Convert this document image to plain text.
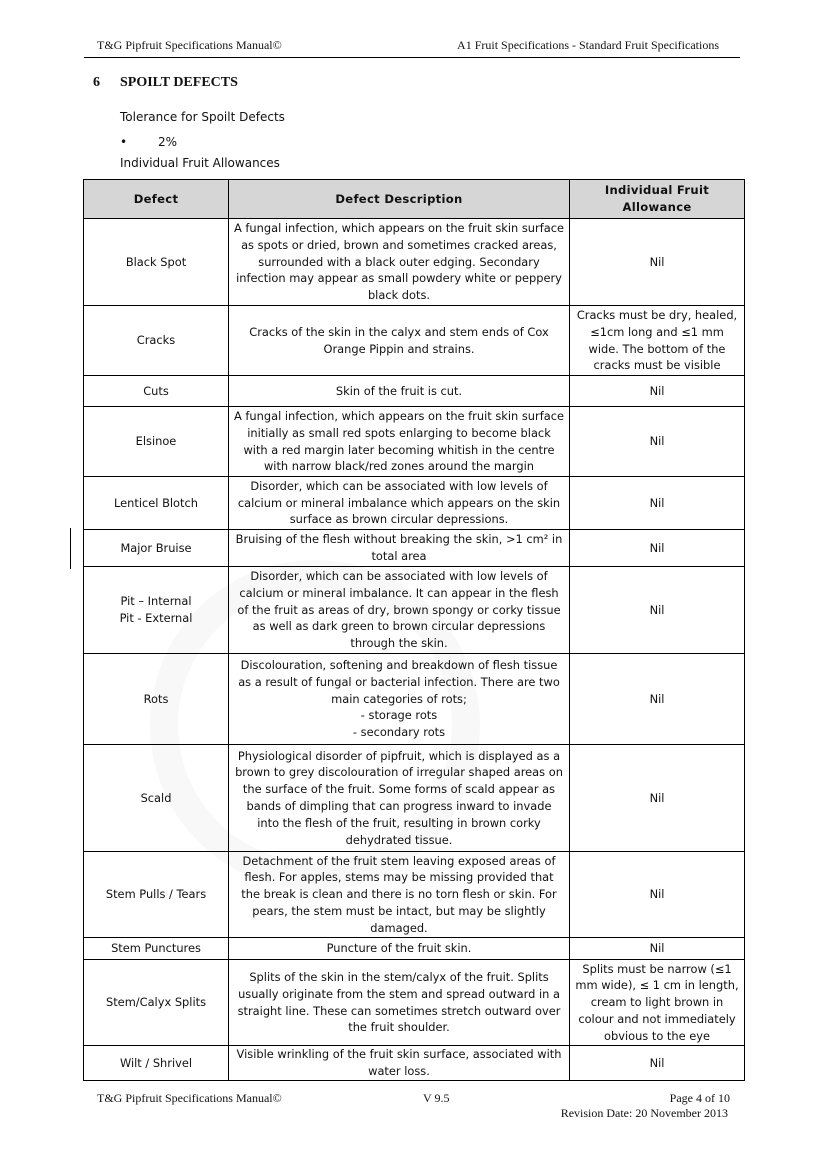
T&G Pipfruit Specifications Manual©	A1 Fruit Specifications - Standard Fruit Specifications
6 SPOILT DEFECTS
Tolerance for Spoilt Defects
•	2%
Individual Fruit Allowances
Defect	Defect Description	Individual Fruit Allowance
Black Spot	A fungal infection, which appears on the fruit skin surface as spots or dried, brown and sometimes cracked areas, surrounded with a black outer edging. Secondary infection may appear as small powdery white or peppery black dots.	Nil
Cracks	Cracks of the skin in the calyx and stem ends of Cox Orange Pippin and strains.	Cracks must be dry, healed, ≤1cm long and ≤1 mm wide. The bottom of the cracks must be visible
Cuts	Skin of the fruit is cut.	Nil
Elsinoe	A fungal infection, which appears on the fruit skin surface initially as small red spots enlarging to become black with a red margin later becoming whitish in the centre with narrow black/red zones around the margin	Nil
Lenticel Blotch	Disorder, which can be associated with low levels of calcium or mineral imbalance which appears on the skin surface as brown circular depressions.	Nil
Major Bruise	Bruising of the flesh without breaking the skin, >1 cm² in total area	Nil
Pit – Internal
Pit - External	Disorder, which can be associated with low levels of calcium or mineral imbalance. It can appear in the flesh of the fruit as areas of dry, brown spongy or corky tissue as well as dark green to brown circular depressions through the skin.	Nil
Rots	Discolouration, softening and breakdown of flesh tissue as a result of fungal or bacterial infection. There are two main categories of rots;
- storage rots
- secondary rots	Nil
Scald	Physiological disorder of pipfruit, which is displayed as a brown to grey discolouration of irregular shaped areas on the surface of the fruit. Some forms of scald appear as bands of dimpling that can progress inward to invade into the flesh of the fruit, resulting in brown corky dehydrated tissue.	Nil
Stem Pulls / Tears	Detachment of the fruit stem leaving exposed areas of flesh. For apples, stems may be missing provided that the break is clean and there is no torn flesh or skin. For pears, the stem must be intact, but may be slightly damaged.	Nil
Stem Punctures	Puncture of the fruit skin.	Nil
Stem/Calyx Splits	Splits of the skin in the stem/calyx of the fruit. Splits usually originate from the stem and spread outward in a straight line. These can sometimes stretch outward over the fruit shoulder.	Splits must be narrow (≤1 mm wide), ≤ 1 cm in length, cream to light brown in colour and not immediately obvious to the eye
Wilt / Shrivel	Visible wrinkling of the fruit skin surface, associated with water loss.	Nil
T&G Pipfruit Specifications Manual©	V 9.5	Page 4 of 10
Revision Date: 20 November 2013
